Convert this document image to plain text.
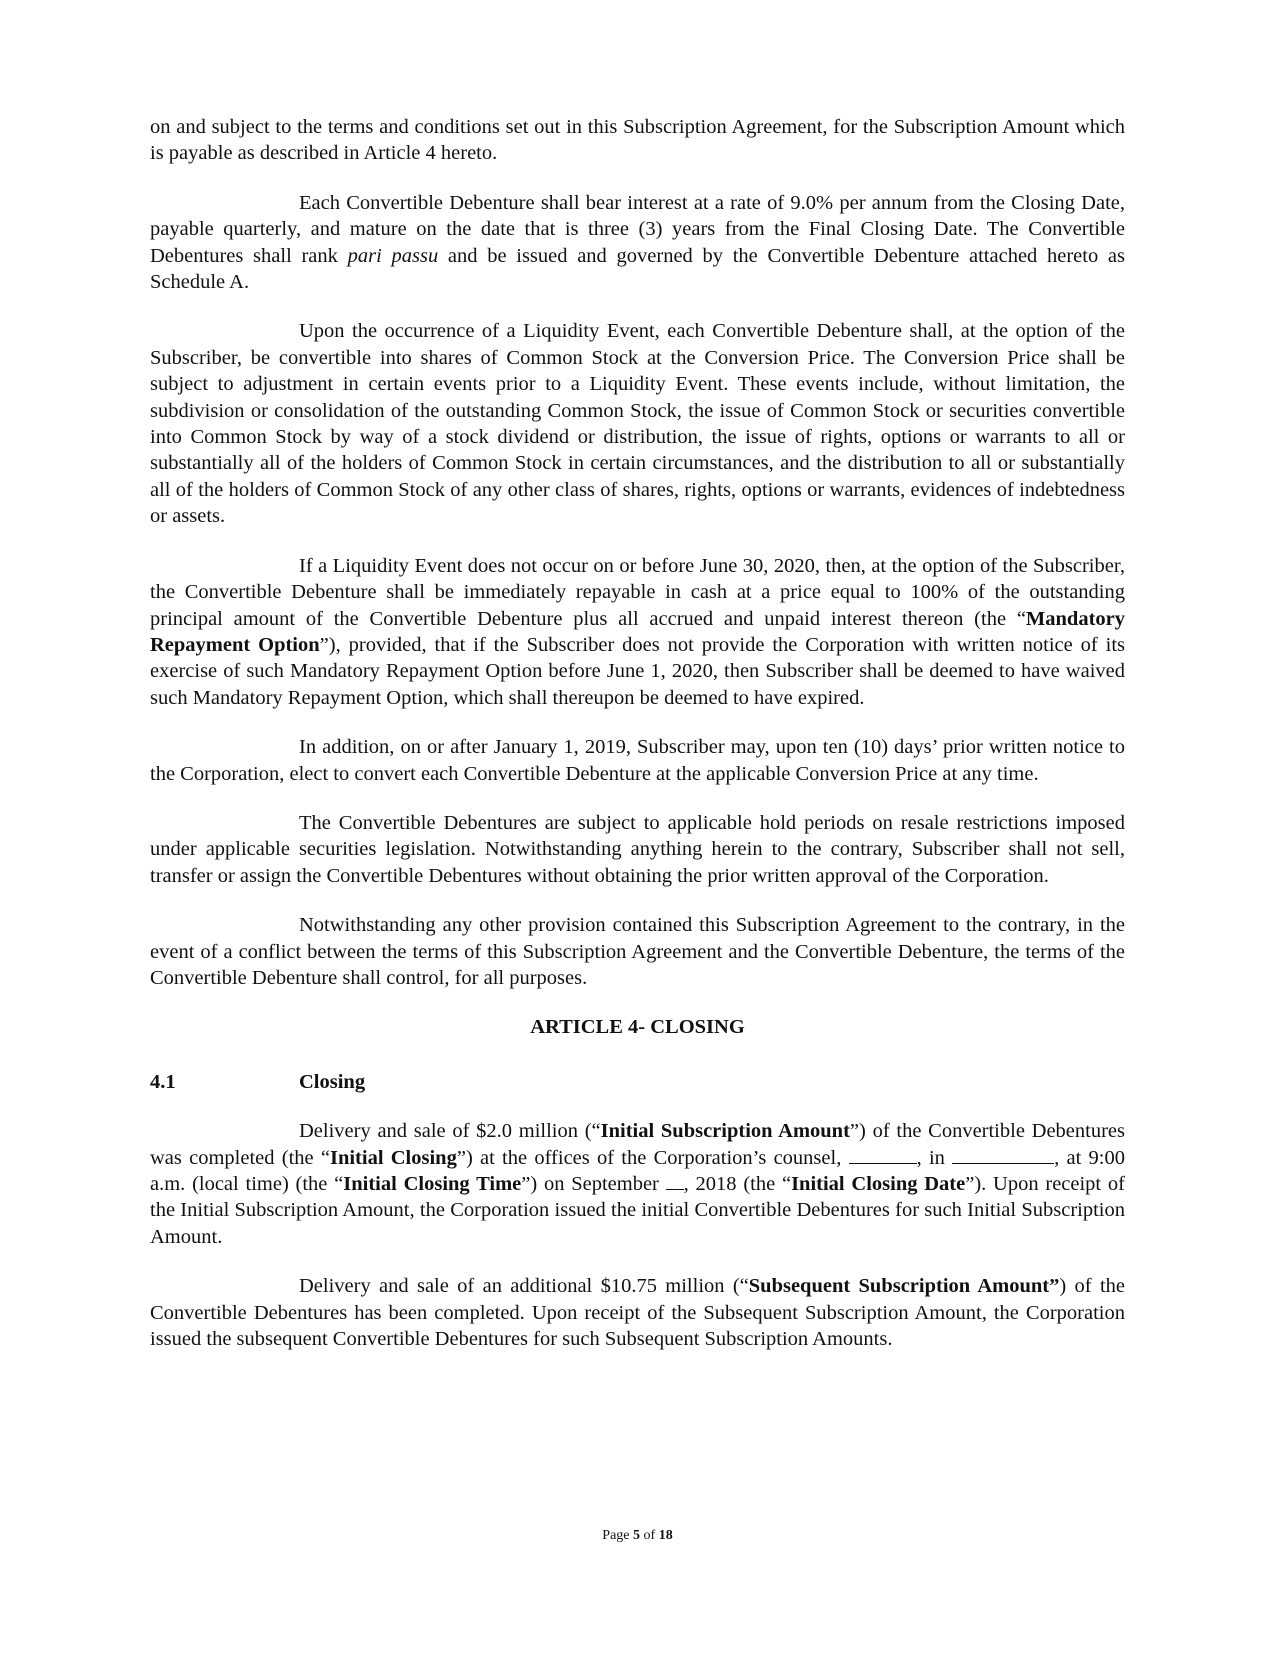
on and subject to the terms and conditions set out in this Subscription Agreement, for the Subscription Amount which is payable as described in Article 4 hereto.

Each Convertible Debenture shall bear interest at a rate of 9.0% per annum from the Closing Date, payable quarterly, and mature on the date that is three (3) years from the Final Closing Date. The Convertible Debentures shall rank pari passu and be issued and governed by the Convertible Debenture attached hereto as Schedule A.

Upon the occurrence of a Liquidity Event, each Convertible Debenture shall, at the option of the Subscriber, be convertible into shares of Common Stock at the Conversion Price. The Conversion Price shall be subject to adjustment in certain events prior to a Liquidity Event. These events include, without limitation, the subdivision or consolidation of the outstanding Common Stock, the issue of Common Stock or securities convertible into Common Stock by way of a stock dividend or distribution, the issue of rights, options or warrants to all or substantially all of the holders of Common Stock in certain circumstances, and the distribution to all or substantially all of the holders of Common Stock of any other class of shares, rights, options or warrants, evidences of indebtedness or assets.

If a Liquidity Event does not occur on or before June 30, 2020, then, at the option of the Subscriber, the Convertible Debenture shall be immediately repayable in cash at a price equal to 100% of the outstanding principal amount of the Convertible Debenture plus all accrued and unpaid interest thereon (the “Mandatory Repayment Option”), provided, that if the Subscriber does not provide the Corporation with written notice of its exercise of such Mandatory Repayment Option before June 1, 2020, then Subscriber shall be deemed to have waived such Mandatory Repayment Option, which shall thereupon be deemed to have expired.

In addition, on or after January 1, 2019, Subscriber may, upon ten (10) days’ prior written notice to the Corporation, elect to convert each Convertible Debenture at the applicable Conversion Price at any time.

The Convertible Debentures are subject to applicable hold periods on resale restrictions imposed under applicable securities legislation. Notwithstanding anything herein to the contrary, Subscriber shall not sell, transfer or assign the Convertible Debentures without obtaining the prior written approval of the Corporation.

Notwithstanding any other provision contained this Subscription Agreement to the contrary, in the event of a conflict between the terms of this Subscription Agreement and the Convertible Debenture, the terms of the Convertible Debenture shall control, for all purposes.

ARTICLE 4- CLOSING
4.1	Closing

Delivery and sale of $2.0 million (“Initial Subscription Amount”) of the Convertible Debentures was completed (the “Initial Closing”) at the offices of the Corporation’s counsel,	, in	, at 9:00 a.m. (local time) (the “Initial Closing Time”) on September , 2018 (the “Initial Closing Date”). Upon receipt of the Initial Subscription Amount, the Corporation issued the initial Convertible Debentures for such Initial Subscription Amount.

Delivery and sale of an additional $10.75 million (“Subsequent Subscription Amount”) of the Convertible Debentures has been completed. Upon receipt of the Subsequent Subscription Amount, the Corporation issued the subsequent Convertible Debentures for such Subsequent Subscription Amounts.

Page 5 of 18
